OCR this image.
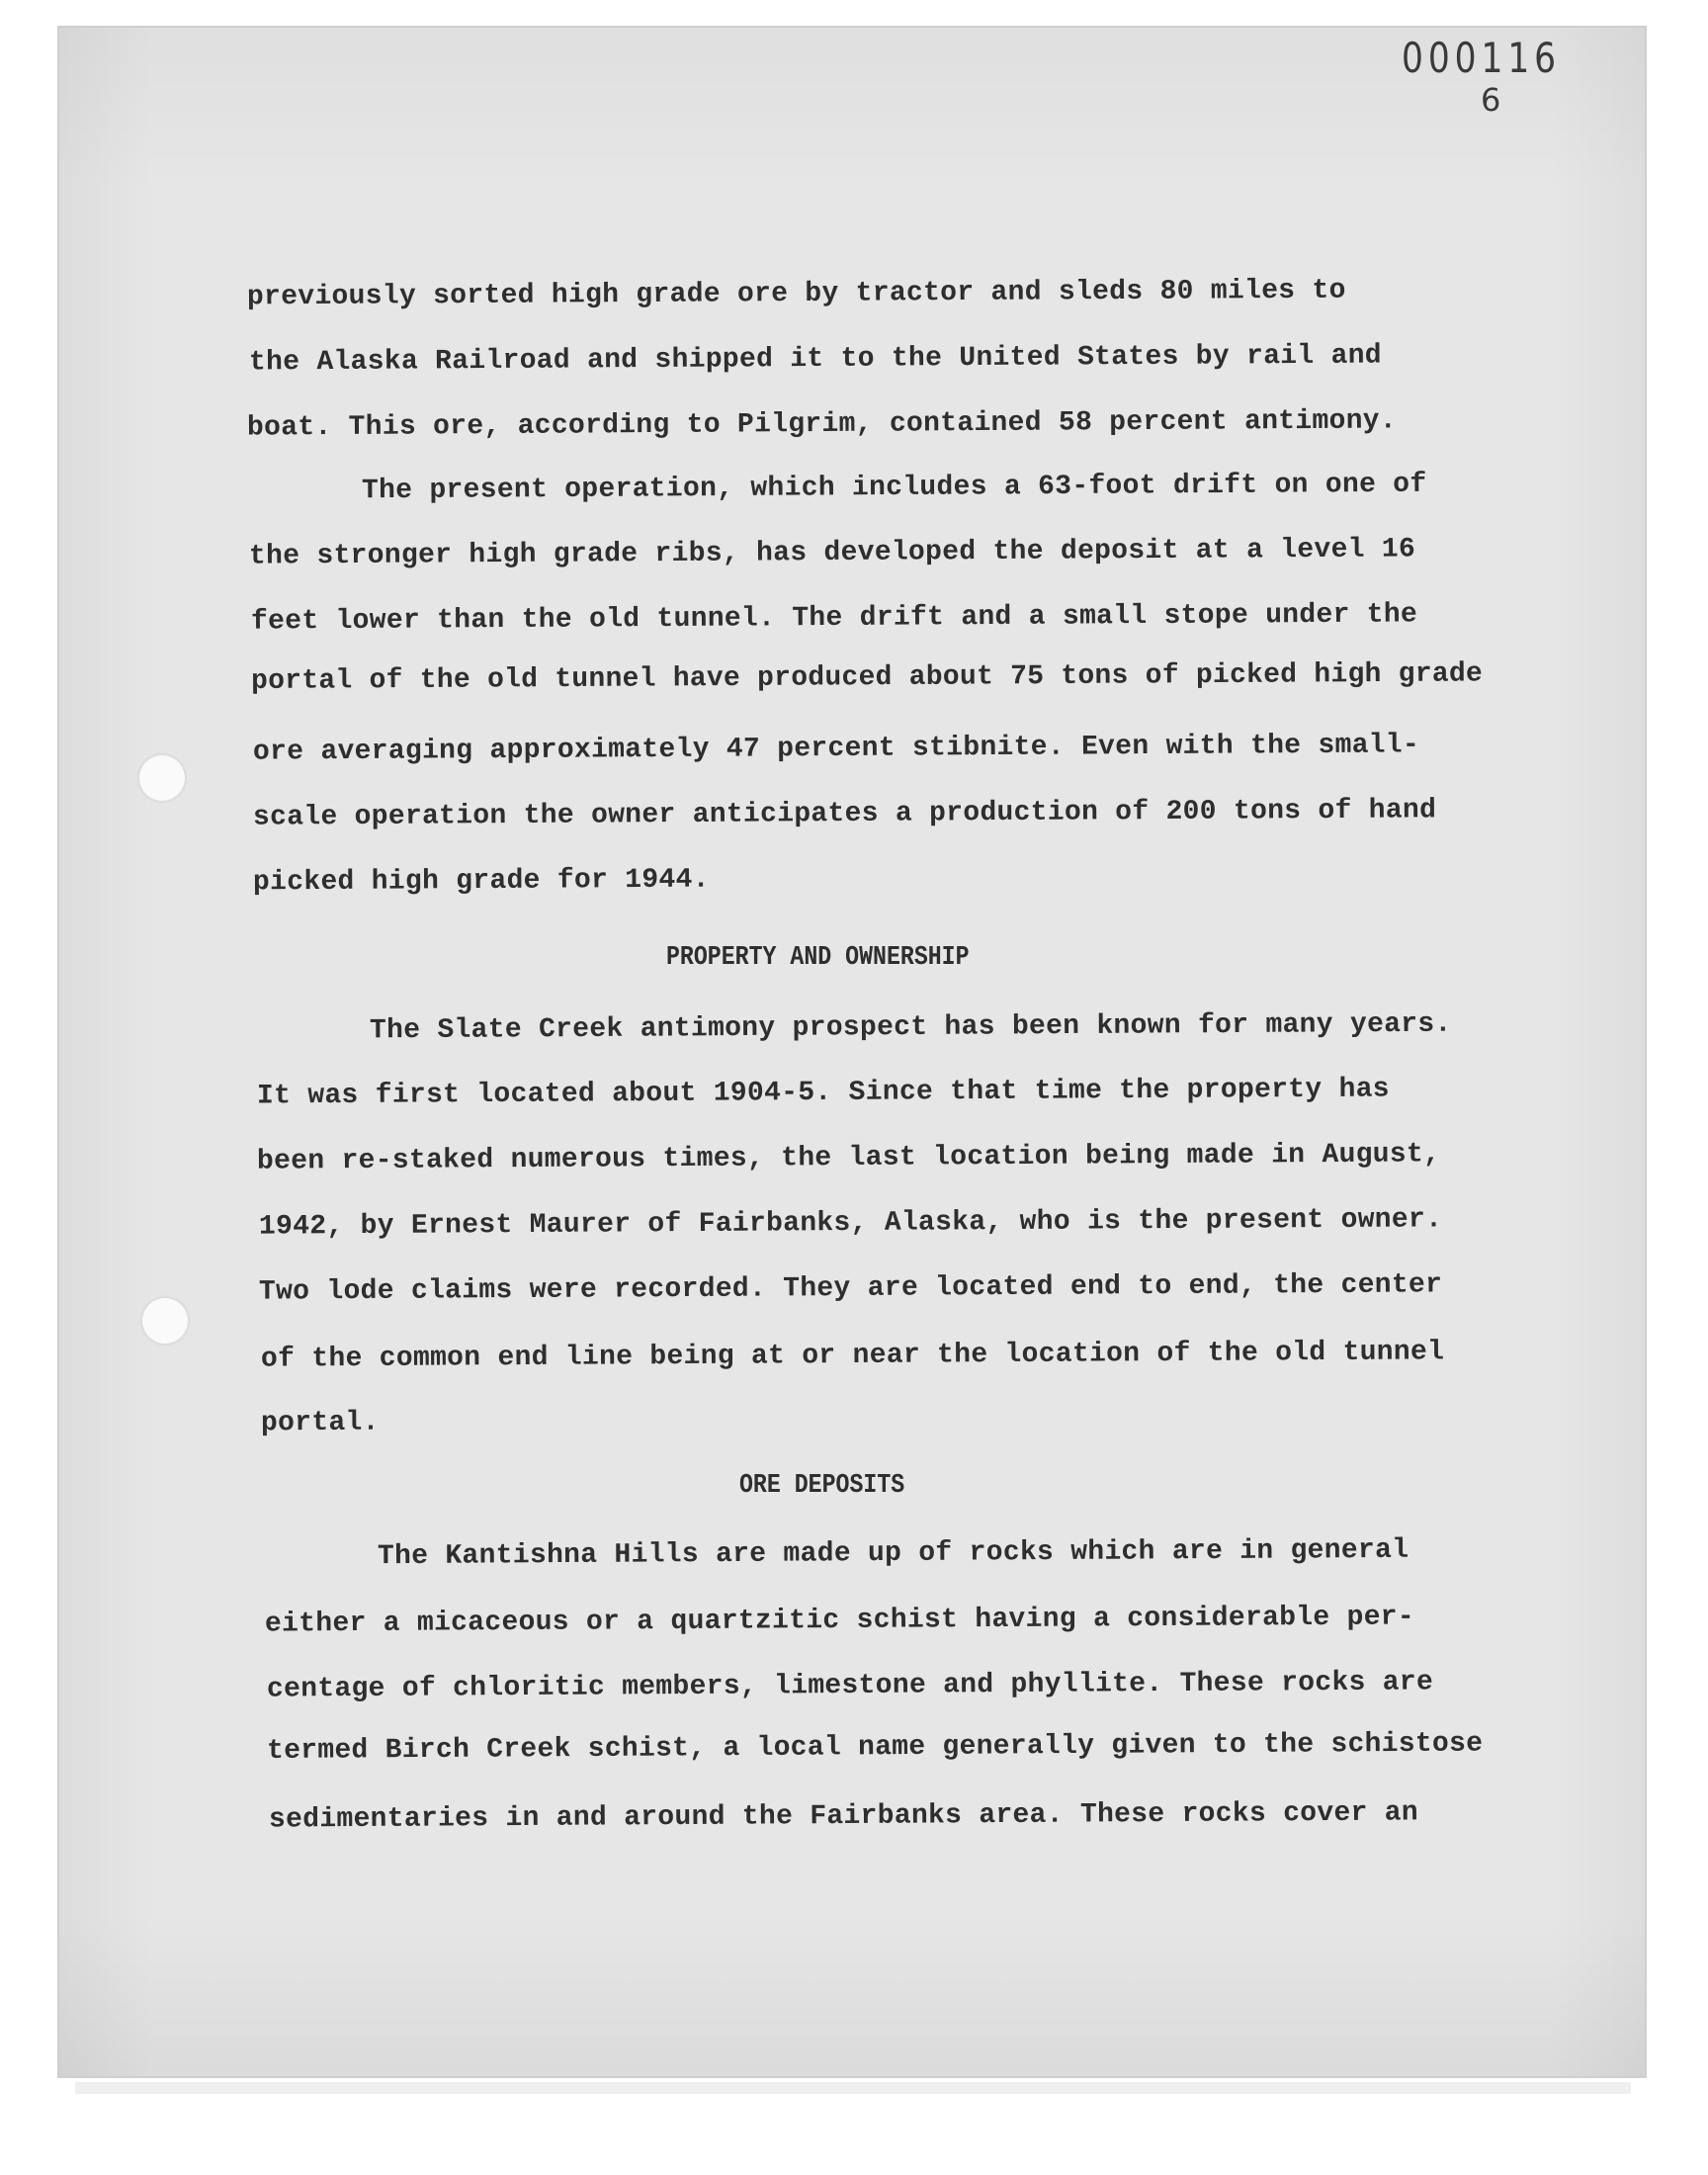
000116
6
previously sorted high grade ore by tractor and sleds 80 miles to
the Alaska Railroad and shipped it to the United States by rail and
boat. This ore, according to Pilgrim, contained 58 percent antimony.
The present operation, which includes a 63-foot drift on one of
the stronger high grade ribs, has developed the deposit at a level 16
feet lower than the old tunnel. The drift and a small stope under the
portal of the old tunnel have produced about 75 tons of picked high grade
ore averaging approximately 47 percent stibnite. Even with the small-
scale operation the owner anticipates a production of 200 tons of hand
picked high grade for 1944.
PROPERTY AND OWNERSHIP
The Slate Creek antimony prospect has been known for many years.
It was first located about 1904-5. Since that time the property has
been re-staked numerous times, the last location being made in August,
1942, by Ernest Maurer of Fairbanks, Alaska, who is the present owner.
Two lode claims were recorded. They are located end to end, the center
of the common end line being at or near the location of the old tunnel
portal.
ORE DEPOSITS
The Kantishna Hills are made up of rocks which are in general
either a micaceous or a quartzitic schist having a considerable per-
centage of chloritic members, limestone and phyllite. These rocks are
termed Birch Creek schist, a local name generally given to the schistose
sedimentaries in and around the Fairbanks area. These rocks cover an
